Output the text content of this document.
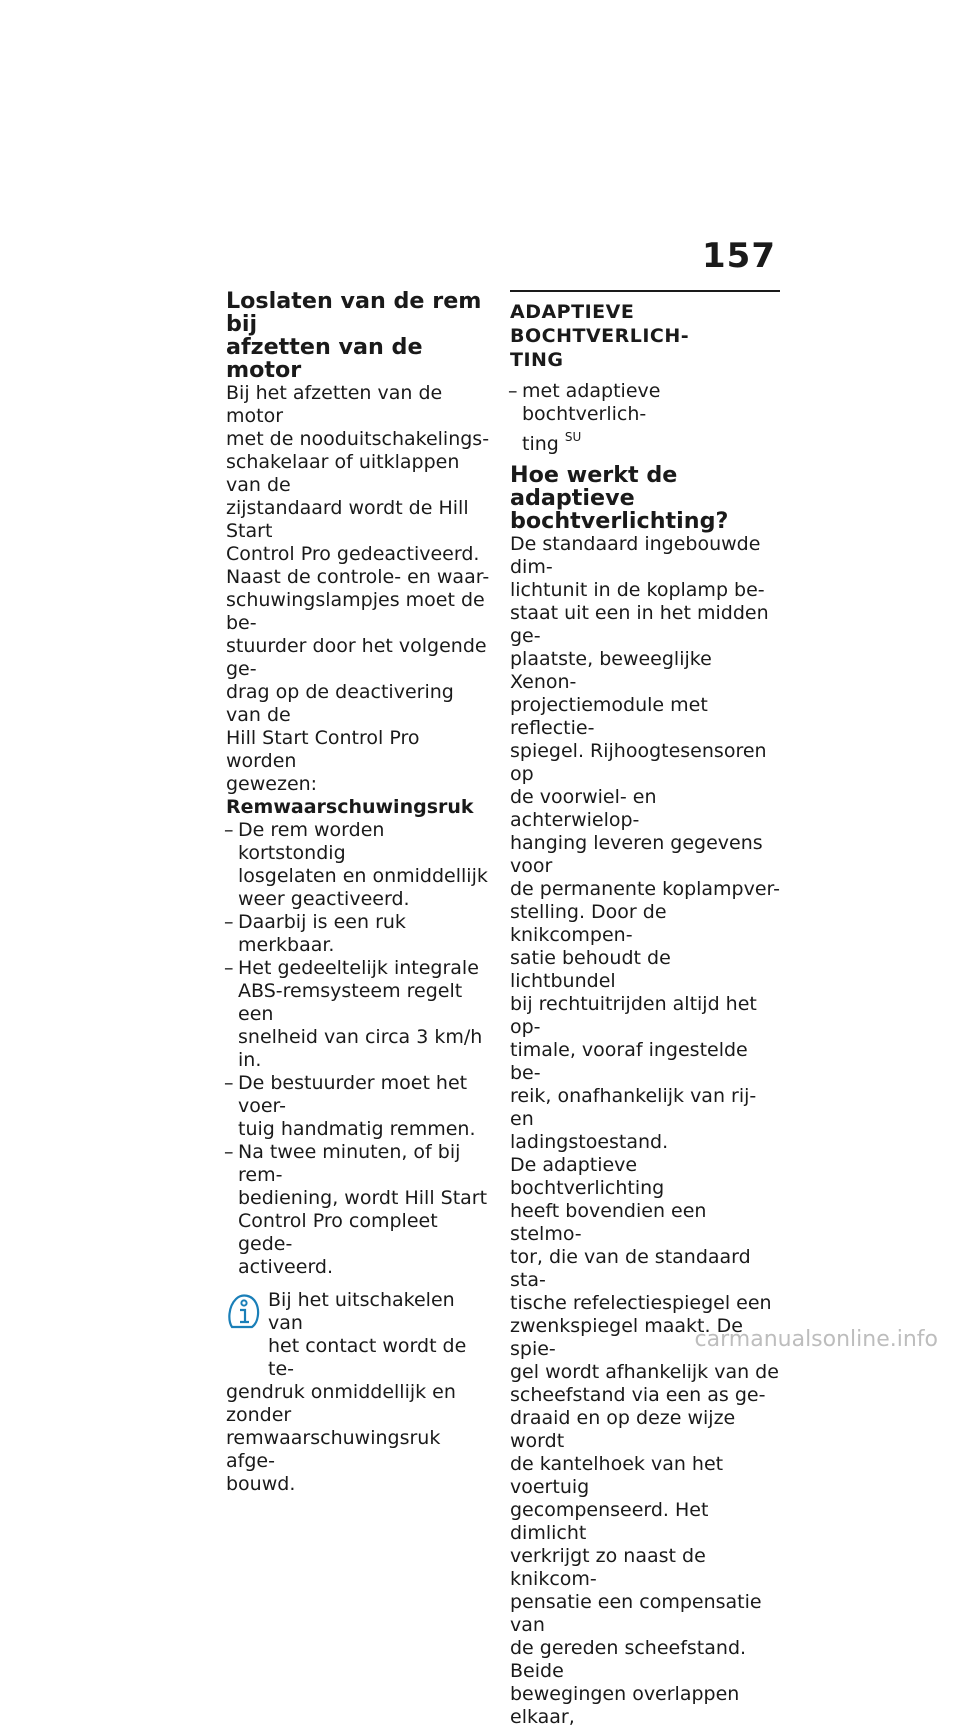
157
Loslaten van de rem bij
afzetten van de motor

Bij het afzetten van de motor
met de nooduitschakelings-
schakelaar of uitklappen van de
zijstandaard wordt de Hill Start
Control Pro gedeactiveerd.

Naast de controle- en waar-
schuwingslampjes moet de be-
stuurder door het volgende ge-
drag op de deactivering van de
Hill Start Control Pro worden
gewezen:

Remwaarschuwingsruk

– De rem worden kortstondig
losgelaten en onmiddellijk
weer geactiveerd.
– Daarbij is een ruk merkbaar.
– Het gedeeltelijk integrale
ABS-remsysteem regelt een
snelheid van circa 3 km/h in.
– De bestuurder moet het voer-
tuig handmatig remmen.
– Na twee minuten, of bij rem-
bediening, wordt Hill Start
Control Pro compleet gede-
activeerd.
Bij het uitschakelen van
het contact wordt de te-
gendruk onmiddellijk en zonder
remwaarschuwingsruk afge-
bouwd.
ADAPTIEVE BOCHTVERLICH-
TING
– met adaptieve bochtverlich-
ting $^{SU}$
Hoe werkt de adaptieve
bochtverlichting?

De standaard ingebouwde dim-
lichtunit in de koplamp be-
staat uit een in het midden ge-
plaatste, beweeglijke Xenon-
projectiemodule met reflectie-
spiegel. Rijhoogtesensoren op
de voorwiel- en achterwielop-
hanging leveren gegevens voor
de permanente koplampver-
stelling. Door de knikcompen-
satie behoudt de lichtbundel
bij rechtuitrijden altijd het op-
timale, vooraf ingestelde be-
reik, onafhankelijk van rij- en
ladingstoestand.

De adaptieve bochtverlichting
heeft bovendien een stelmo-
tor, die van de standaard sta-
tische refelectiespiegel een
zwenkspiegel maakt. De spie-
gel wordt afhankelijk van de
scheefstand via een as ge-
draaid en op deze wijze wordt
de kantelhoek van het voertuig
gecompenseerd. Het dimlicht
verkrijgt zo naast de knikcom-
pensatie een compensatie van
de gereden scheefstand. Beide
bewegingen overlappen elkaar,

carmanualsonline.info
